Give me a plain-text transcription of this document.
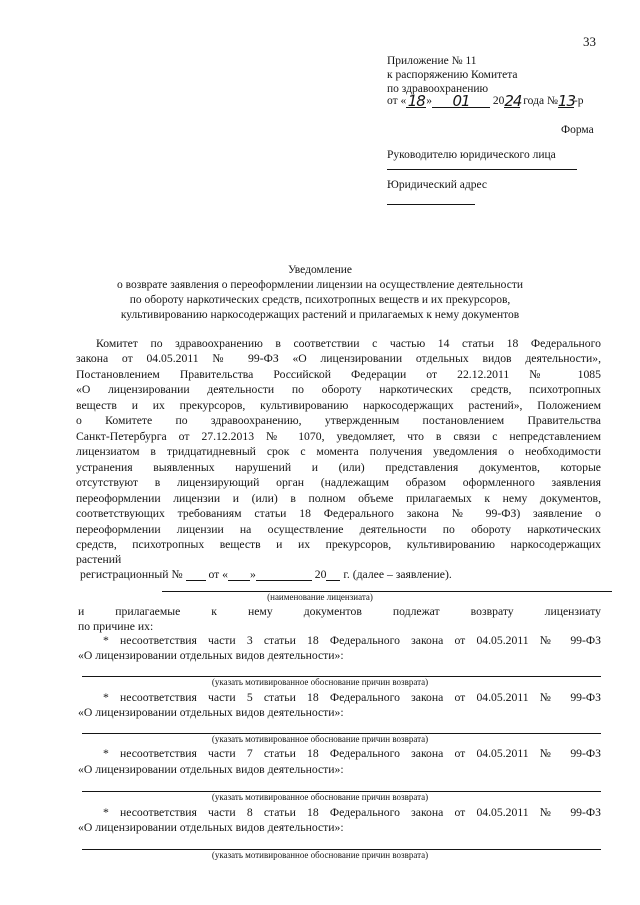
33
Приложение № 11
к распоряжению Комитета
по здравоохранению
от «18» 01 2024 года №13-р
Форма
Руководителю юридического лица
Юридический адрес
Уведомление
о возврате заявления о переоформлении лицензии на осуществление деятельности
по обороту наркотических средств, психотропных веществ и их прекурсоров,
культивированию наркосодержащих растений и прилагаемых к нему документов
Комитет по здравоохранению в соответствии с частью 14 статьи 18 Федерального
закона от 04.05.2011 № 99-ФЗ «О лицензировании отдельных видов деятельности»,
Постановлением Правительства Российской Федерации от 22.12.2011 № 1085
«О лицензировании деятельности по обороту наркотических средств, психотропных
веществ и их прекурсоров, культивированию наркосодержащих растений», Положением
о Комитете по здравоохранению, утвержденным постановлением Правительства
Санкт-Петербурга от 27.12.2013 № 1070, уведомляет, что в связи с непредставлением
лицензиатом в тридцатидневный срок с момента получения уведомления о необходимости
устранения выявленных нарушений и (или) представления документов, которые
отсутствуют в лицензирующий орган (надлежащим образом оформленного заявления
переоформлении лицензии и (или) в полном объеме прилагаемых к нему документов,
соответствующих требованиям статьи 18 Федерального закона № 99-ФЗ) заявление о
переоформлении лицензии на осуществление деятельности по обороту наркотических
средств, психотропных веществ и их прекурсоров, культивированию наркосодержащих
растений
регистрационный № от « »	20 г. (далее – заявление).
(наименование лицензиата)
и прилагаемые к нему документов подлежат возврату лицензиату
по причине их:
* несоответствия части 3 статьи 18 Федерального закона от 04.05.2011 № 99-ФЗ
«О лицензировании отдельных видов деятельности»:
(указать мотивированное обоснование причин возврата)
* несоответствия части 5 статьи 18 Федерального закона от 04.05.2011 № 99-ФЗ
«О лицензировании отдельных видов деятельности»:
(указать мотивированное обоснование причин возврата)
* несоответствия части 7 статьи 18 Федерального закона от 04.05.2011 № 99-ФЗ
«О лицензировании отдельных видов деятельности»:
(указать мотивированное обоснование причин возврата)
* несоответствия части 8 статьи 18 Федерального закона от 04.05.2011 № 99-ФЗ
«О лицензировании отдельных видов деятельности»:
(указать мотивированное обоснование причин возврата)
